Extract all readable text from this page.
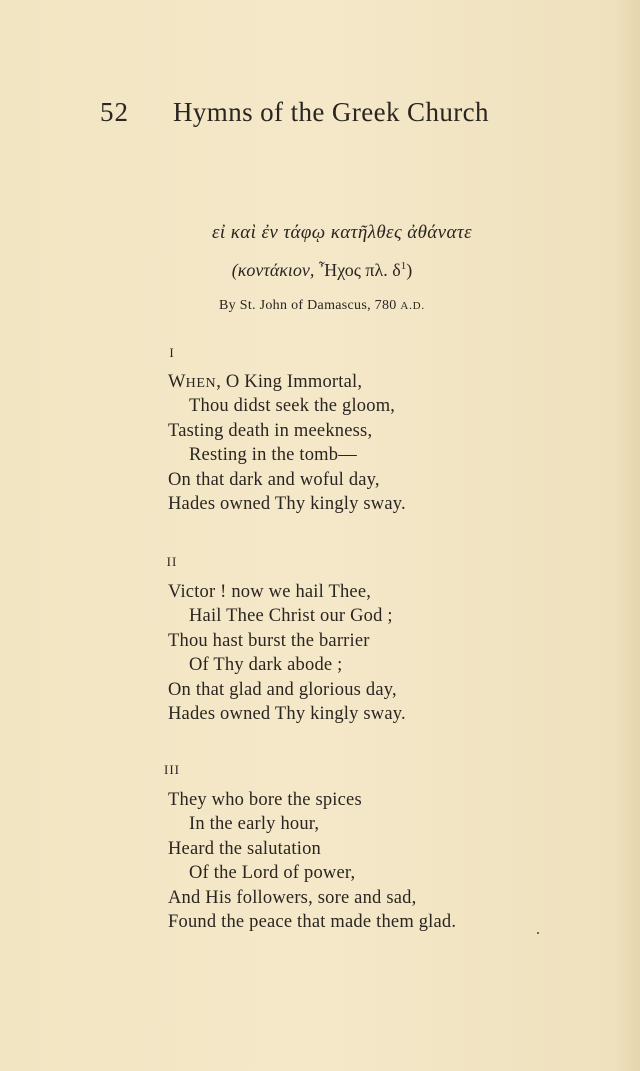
52 Hymns of the Greek Church
εἰ καὶ ἐν τάφῳ κατῆλθες ἀθάνατε
(κοντάκιον, Ἦχος πλ. $\delta^1$)
By St. John of Damascus, 780 A.D.
I
WHEN, O King Immortal,
Thou didst seek the gloom,
Tasting death in meekness,
Resting in the tomb—
On that dark and woful day,
Hades owned Thy kingly sway.
II
Victor ! now we hail Thee,
Hail Thee Christ our God ;
Thou hast burst the barrier
Of Thy dark abode ;
On that glad and glorious day,
Hades owned Thy kingly sway.
III
They who bore the spices
In the early hour,
Heard the salutation
Of the Lord of power,
And His followers, sore and sad,
Found the peace that made them glad.
